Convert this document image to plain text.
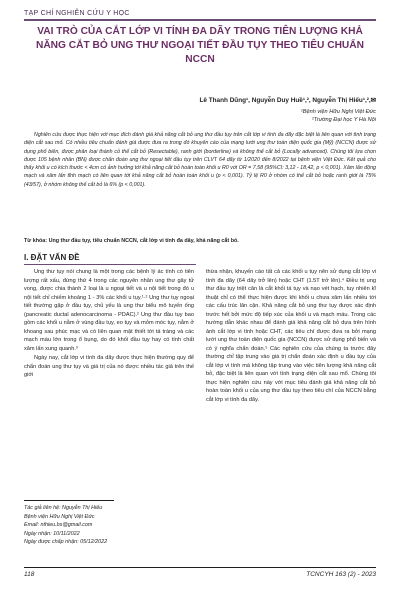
TẠP CHÍ NGHIÊN CỨU Y HỌC
VAI TRÒ CỦA CẮT LỚP VI TÍNH ĐA DÃY TRONG TIÊN LƯỢNG KHẢ NĂNG CẮT BỎ UNG THƯ NGOẠI TIẾT ĐẦU TỤY THEO TIÊU CHUẨN NCCN
Lê Thanh Dũng¹, Nguyễn Duy Huề¹,², Nguyễn Thị Hiếu¹,²,✉
¹Bệnh viện Hữu Nghị Việt Đức
²Trường Đại học Y Hà Nội

Nghiên cứu được thực hiện với mục đích đánh giá khả năng cắt bỏ ung thư đầu tụy trên cắt lớp vi tính đa dãy đặc biệt là liên quan với tình trạng diện cắt sau mổ. Có nhiều tiêu chuẩn đánh giá được đưa ra trong đó khuyến cáo của mạng lưới ung thư toàn diện quốc gia (Mỹ) (NCCN) được sử dụng phổ biến, được phân loại thành cỏ thể cắt bỏ (Resectable), ranh giới (borderline) và không thể cắt bỏ (Locally advanced). Chúng tôi lựa chọn được 105 bệnh nhân (BN) được chẩn đoán ung thư ngoại tiết đầu tụy trên CLVT 64 dãy từ 1/2020 đến 8/2022 tại bệnh viện Việt Đức. Kết quả cho thấy khối u có kích thước < 4cm có ảnh hưởng tới khả năng cắt bỏ hoàn toàn khối u R0 với OR = 7,58 (95%CI: 3,12 - 18,42, p < 0,001). Xâm lấn động mạch và xâm lấn tĩnh mạch có liên quan tới khả năng cắt bỏ hoàn toàn khối u (p < 0,001). Tỷ lệ R0 ở nhóm có thể cắt bỏ hoặc ranh giới là 75% (43/57), ở nhóm không thể cắt bỏ là 6% (p < 0,001).

Từ khóa: Ung thư đầu tụy, tiêu chuẩn NCCN, cắt lớp vi tính đa dãy, khả năng cắt bỏ.
I. ĐẶT VẤN ĐỀ

Ung thư tụy nói chung là một trong các bệnh lý ác tính có tiên lượng rất xấu, đứng thứ 4 trong các nguyên nhân ung thư gây tử vong, được chia thành 2 loại là u ngoại tiết và u nội tiết trong đó u nội tiết chỉ chiếm khoảng 1 - 3% các khối u tụy.¹·² Ung thư tụy ngoại tiết thường gặp ở đầu tụy, chủ yếu là ung thư biểu mô tuyến ống (pancreatic ductal adenocarcinoma - PDAC).² Ung thư đầu tụy bao gồm các khối u nằm ở vùng đầu tụy, eo tụy và mỏm móc tụy, nằm ở khoang sau phúc mạc và có liên quan mật thiết tới tá tràng và các mạch máu lớn trong ổ bụng, do đó khối đầu tụy hay có tính chất xâm lấn xung quanh.³

Ngày nay, cắt lớp vi tính đa dãy được thực hiện thường quy để chẩn đoán ung thư tụy và giá trị của nó được nhiều tác giả trên thế giới

thừa nhận, khuyến cáo tất cả các khối u tụy nên sử dụng cắt lớp vi tính đa dãy (64 dãy trở lên) hoặc CHT (1.5T trở lên).⁴ Điều trị ung thư đầu tụy triệt căn là cắt khối tá tụy và nạo vét hạch, tuy nhiên kĩ thuật chỉ có thể thực hiện được khi khối u chưa xâm lấn nhiều tới các cấu trúc lân cận. Khả năng cắt bỏ ung thư tụy được xác định trước hết bởi mức độ tiếp xúc của khối u và mạch máu. Trong các hướng dẫn khác nhau để đánh giá khả năng cắt bỏ dựa trên hình ảnh cắt lớp vi tính hoặc CHT, các tiêu chí được đưa ra bởi mạng lưới ung thư toàn diện quốc gia (NCCN) được sử dụng phổ biến và có ý nghĩa chẩn đoán.⁵ Các nghiên cứu của chúng ta trước đây thường chỉ tập trung vào giá trị chẩn đoán xác định u đầu tụy của cắt lớp vi tính mà không tập trung vào việc tiên lượng khả năng cắt bỏ, đặc biệt là liên quan với tình trạng diện cắt sau mổ. Chúng tôi thực hiện nghiên cứu này với mục tiêu đánh giá khả năng cắt bỏ hoàn toàn khối u của ung thư đầu tụy theo tiêu chí của NCCN bằng cắt lớp vi tính đa dãy.

Tác giả liên hệ: Nguyễn Thị Hiếu
Bệnh viện Hữu Nghị Việt Đức
Email: nthieu.bs@gmail.com
Ngày nhận: 10/11/2022
Ngày được chấp nhận: 05/12/2022
118	TCNCYH 163 (2) - 2023
